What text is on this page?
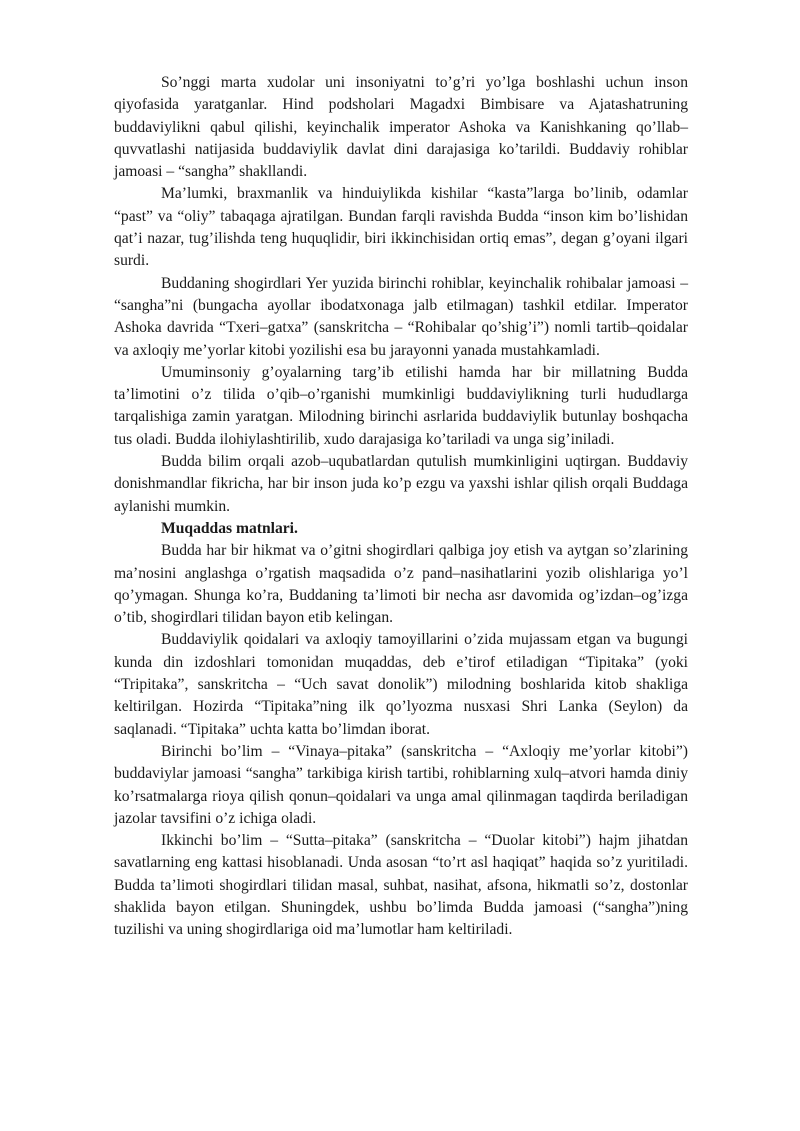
So’nggi marta xudolar uni insoniyatni to’g’ri yo’lga boshlashi uchun inson qiyofasida yaratganlar. Hind podsholari Magadxi Bimbisare va Ajatashatruning buddaviylikni qabul qilishi, keyinchalik imperator Ashoka va Kanishkaning qo’llab–quvvatlashi natijasida buddaviylik davlat dini darajasiga ko’tarildi. Buddaviy rohiblar jamoasi – “sangha” shakllandi.

Ma’lumki, braxmanlik va hinduiylikda kishilar “kasta”larga bo’linib, odamlar “past” va “oliy” tabaqaga ajratilgan. Bundan farqli ravishda Budda “inson kim bo’lishidan qat’i nazar, tug’ilishda teng huquqlidir, biri ikkinchisidan ortiq emas”, degan g’oyani ilgari surdi.

Buddaning shogirdlari Yer yuzida birinchi rohiblar, keyinchalik rohibalar jamoasi – “sangha”ni (bungacha ayollar ibodatxonaga jalb etilmagan) tashkil etdilar. Imperator Ashoka davrida “Txeri–gatxa” (sanskritcha – “Rohibalar qo’shig’i”) nomli tartib–qoidalar va axloqiy me’yorlar kitobi yozilishi esa bu jarayonni yanada mustahkamladi.

Umuminsoniy g’oyalarning targ’ib etilishi hamda har bir millatning Budda ta’limotini o’z tilida o’qib–o’rganishi mumkinligi buddaviylikning turli hududlarga tarqalishiga zamin yaratgan. Milodning birinchi asrlarida buddaviylik butunlay boshqacha tus oladi. Budda ilohiylashtirilib, xudo darajasiga ko’tariladi va unga sig’iniladi.

Budda bilim orqali azob–uqubatlardan qutulish mumkinligini uqtirgan. Buddaviy donishmandlar fikricha, har bir inson juda ko’p ezgu va yaxshi ishlar qilish orqali Buddaga aylanishi mumkin.

Muqaddas matnlari.

Budda har bir hikmat va o’gitni shogirdlari qalbiga joy etish va aytgan so’zlarining ma’nosini anglashga o’rgatish maqsadida o’z pand–nasihatlarini yozib olishlariga yo’l qo’ymagan. Shunga ko’ra, Buddaning ta’limoti bir necha asr davomida og’izdan–og’izga o’tib, shogirdlari tilidan bayon etib kelingan.

Buddaviylik qoidalari va axloqiy tamoyillarini o’zida mujassam etgan va bugungi kunda din izdoshlari tomonidan muqaddas, deb e’tirof etiladigan “Tipitaka” (yoki “Tripitaka”, sanskritcha – “Uch savat donolik”) milodning boshlarida kitob shakliga keltirilgan. Hozirda “Tipitaka”ning ilk qo’lyozma nusxasi Shri Lanka (Seylon) da saqlanadi. “Tipitaka” uchta katta bo’limdan iborat.

Birinchi bo’lim – “Vinaya–pitaka” (sanskritcha – “Axloqiy me’yorlar kitobi”) buddaviylar jamoasi “sangha” tarkibiga kirish tartibi, rohiblarning xulq–atvori hamda diniy ko’rsatmalarga rioya qilish qonun–qoidalari va unga amal qilinmagan taqdirda beriladigan jazolar tavsifini o’z ichiga oladi.

Ikkinchi bo’lim – “Sutta–pitaka” (sanskritcha – “Duolar kitobi”) hajm jihatdan savatlarning eng kattasi hisoblanadi. Unda asosan “to’rt asl haqiqat” haqida so’z yuritiladi. Budda ta’limoti shogirdlari tilidan masal, suhbat, nasihat, afsona, hikmatli so’z, dostonlar shaklida bayon etilgan. Shuningdek, ushbu bo’limda Budda jamoasi (“sangha”)ning tuzilishi va uning shogirdlariga oid ma’lumotlar ham keltiriladi.
